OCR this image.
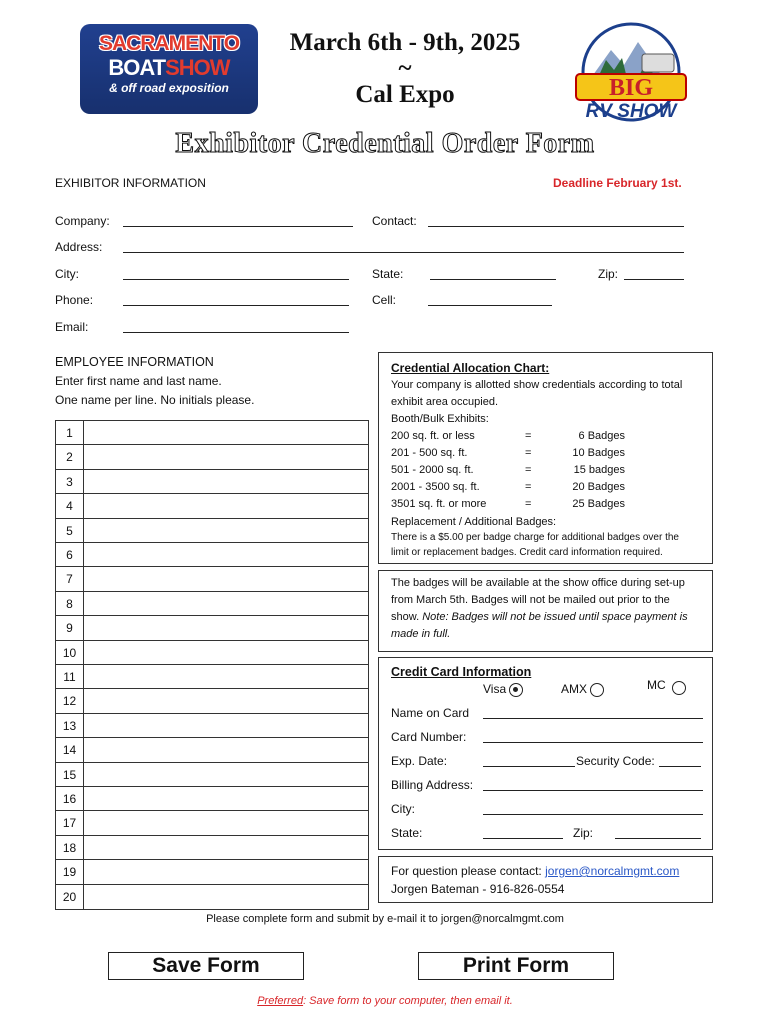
SACRAMENTO
BOATSHOW
& off road exposition
March 6th - 9th, 2025
~
Cal Expo	BIG
RV SHOW
Exhibitor Credential Order Form
EXHIBITOR INFORMATION	Deadline February 1st.
Company:	Contact:
Address:
City:	State:	Zip:
Phone:	Cell:
Email:
EMPLOYEE INFORMATION
Enter first name and last name.
One name per line. No initials please.
1
2
3
4
5
6
7
8
9
10
11
12
13
14
15
16
17
18
19
20
Credential Allocation Chart:
Your company is allotted show credentials according to total
exhibit area occupied.
Booth/Bulk Exhibits:
200 sq. ft. or less	=	6 Badges
201 - 500 sq. ft.	=	10 Badges
501 - 2000 sq. ft.	=	15 badges
2001 - 3500 sq. ft.	=	20 Badges
3501 sq. ft. or more	=	25 Badges
Replacement / Additional Badges:
There is a $5.00 per badge charge for additional badges over the
limit or replacement badges. Credit card information required.
The badges will be available at the show office during set-up
from March 5th. Badges will not be mailed out prior to the
show. Note: Badges will not be issued until space payment is
made in full.
Credit Card Information
Visa	AMX	MC
Name on Card
Card Number:
Exp. Date:	Security Code:
Billing Address:
City:
State:	Zip:
For question please contact: jorgen@norcalmgmt.com
Jorgen Bateman - 916-826-0554
Please complete form and submit by e-mail it to jorgen@norcalmgmt.com
Save Form	Print Form
Preferred: Save form to your computer, then email it.
